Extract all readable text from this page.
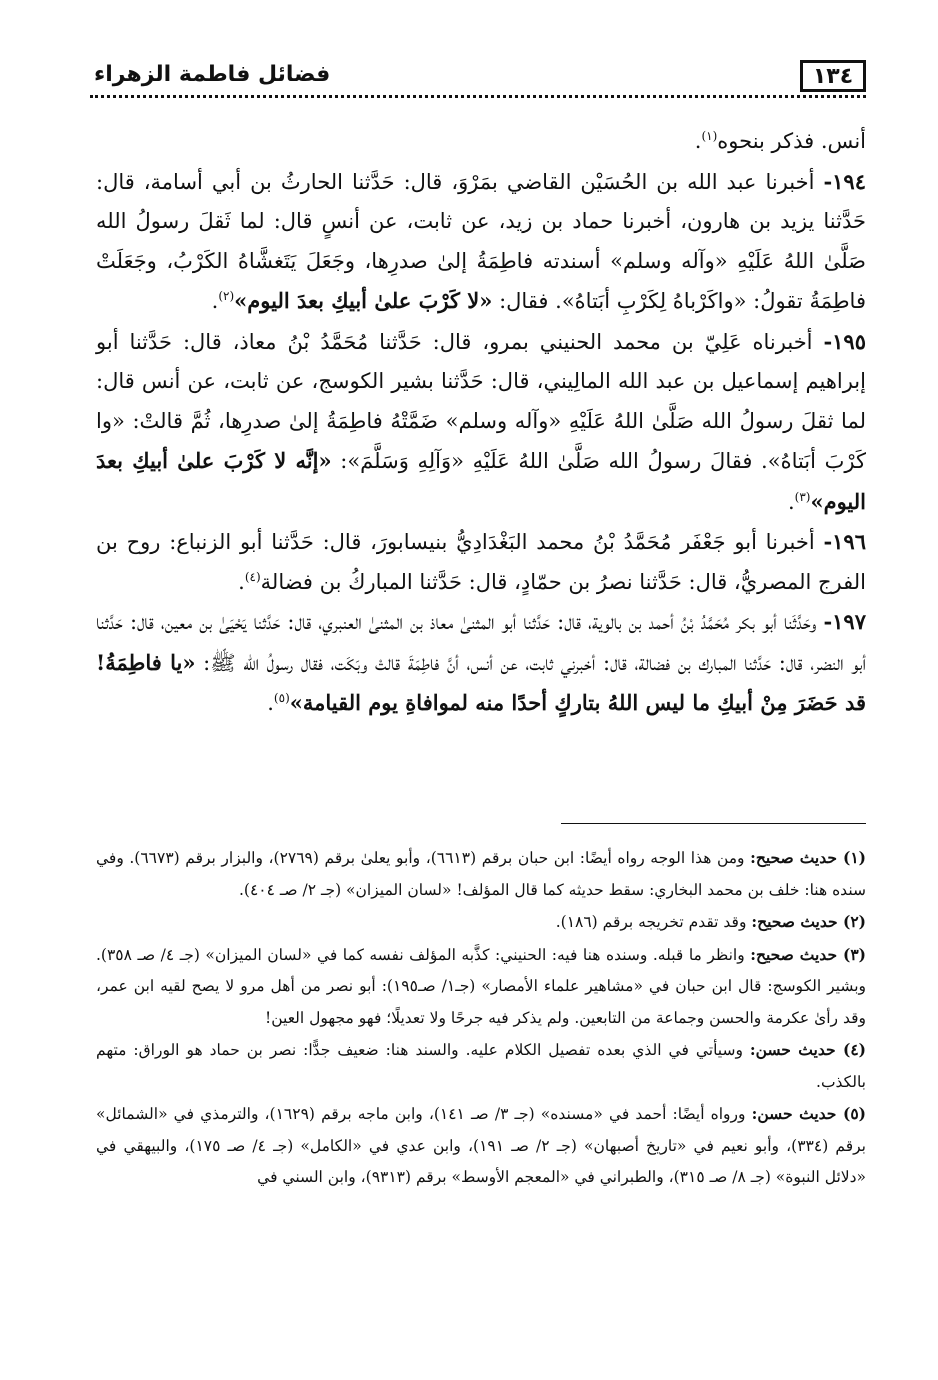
١٣٤
فضائل فاطمة الزهراء

أنس. فذكر بنحوه$^{(١)}$.

١٩٤- أخبرنا عبد الله بن الحُسَيْن القاضي بمَرْوَ، قال: حَدَّثنا الحارثُ بن أبي أسامة، قال: حَدَّثنا يزيد بن هارون، أخبرنا حماد بن زيد، عن ثابت، عن أنسٍ قال: لما ثَقلَ رسولُ الله صَلَّىٰ اللهُ عَلَيْهِ «وآله وسلم» أسندته فاطِمَةُ إلىٰ صدرِها، وجَعَلَ يَتَغشَّاهُ الكَرْبُ، وجَعَلَتْ فاطِمَةُ تقولُ: «واكَرْباهُ لِكَرْبِ أبَتاهُ». فقال: «لا كَرْبَ علىٰ أبيكِ بعدَ اليوم»$^{(٢)}$.

١٩٥- أخبرناه عَلِيّ بن محمد الحنيني بمرو، قال: حَدَّثنا مُحَمَّدُ بْنُ معاذ، قال: حَدَّثنا أبو إبراهيم إسماعيل بن عبد الله المالِيني، قال: حَدَّثنا بشير الكوسج، عن ثابت، عن أنس قال: لما ثقلَ رسولُ الله صَلَّىٰ اللهُ عَلَيْهِ «وآله وسلم» ضَمَّتْهُ فاطِمَةُ إلىٰ صدرِها، ثُمَّ قالتْ: «وا كَرْبَ أبَتاهُ». فقالَ رسولُ الله صَلَّىٰ اللهُ عَلَيْهِ «وَآلِهِ وَسَلَّمَ»: «إنَّه لا كَرْبَ علىٰ أبيكِ بعدَ اليوم»$^{(٣)}$.

١٩٦- أخبرنا أبو جَعْفَر مُحَمَّدُ بْنُ محمد البَغْدَادِيُّ بنيسابورَ، قال: حَدَّثنا أبو الزنباع: روح بن الفرج المصريُّ، قال: حَدَّثنا نصرُ بن حمّادٍ، قال: حَدَّثنا المباركُ بن فضالة$^{(٤)}$.

١٩٧- وحَدَّثَنا أبو بكر مُحَمَّدُ بْنُ أحمد بن بالوية، قال: حَدَّثنا أبو المثنىٰ معاذ بن المثنىٰ العنبري، قال: حَدَّثنا يَحْيَىٰ بن معين، قال: حَدَّثنا أبو النضر، قال: حَدَّثنا المبارك بن فضالة، قال: أخبرني ثابت، عن أنس، أنَّ فاطِمَةَ قالتْ وبَكَت، فقال رسولُ الله ﷺ: «يا فاطِمَةُ! قد حَضَرَ مِنْ أبيكِ ما ليس اللهُ بتاركٍ أحدًا منه لموافاةِ يوم القيامة»$^{(٥)}$.

(١) حديث صحيح: ومن هذا الوجه رواه أيضًا: ابن حبان برقم (٦٦١٣)، وأبو يعلىٰ برقم (٢٧٦٩)، والبزار برقم (٦٦٧٣). وفي سنده هنا: خلف بن محمد البخاري: سقط حديثه كما قال المؤلف! «لسان الميزان» (جـ ٢/ صـ ٤٠٤).

(٢) حديث صحيح: وقد تقدم تخريجه برقم (١٨٦).

(٣) حديث صحيح: وانظر ما قبله. وسنده هنا فيه: الحنيني: كذَّبه المؤلف نفسه كما في «لسان الميزان» (جـ ٤/ صـ ٣٥٨). وبشير الكوسج: قال ابن حبان في «مشاهير علماء الأمصار» (جـ١/ صـ١٩٥): أبو نصر من أهل مرو لا يصح لقيه ابن عمر، وقد رأىٰ عكرمة والحسن وجماعة من التابعين. ولم يذكر فيه جرحًا ولا تعديلًا؛ فهو مجهول العين!

(٤) حديث حسن: وسيأتي في الذي بعده تفصيل الكلام عليه. والسند هنا: ضعيف جدًّا: نصر بن حماد هو الوراق: متهم بالكذب.

(٥) حديث حسن: ورواه أيضًا: أحمد في «مسنده» (جـ ٣/ صـ ١٤١)، وابن ماجه برقم (١٦٢٩)، والترمذي في «الشمائل» برقم (٣٣٤)، وأبو نعيم في «تاريخ أصبهان» (جـ ٢/ صـ ١٩١)، وابن عدي في «الكامل» (جـ ٤/ صـ ١٧٥)، والبيهقي في «دلائل النبوة» (جـ ٨/ صـ ٣١٥)، والطبراني في «المعجم الأوسط» برقم (٩٣١٣)، وابن السني في
